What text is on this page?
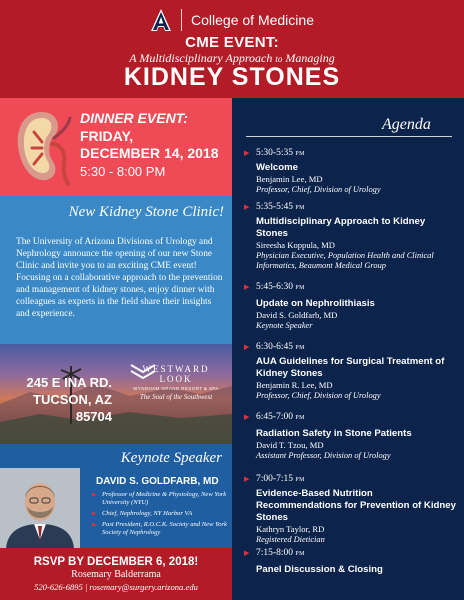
College of Medicine
CME EVENT:
A Multidisciplinary Approach to Managing
KIDNEY STONES
DINNER EVENT:
FRIDAY,
DECEMBER 14, 2018
5:30 - 8:00 PM
New Kidney Stone Clinic!

The University of Arizona Divisions of Urology and Nephrology announce the opening of our new Stone Clinic and invite you to an exciting CME event! Focusing on a collaborative approach to the prevention and management of kidney stones, enjoy dinner with colleagues as experts in the field share their insights and experience.

245 E INA RD.
TUCSON, AZ
85704
WESTWARD LOOK
WYNDHAM GRAND RESORT & SPA
The Soul of the Southwest
Keynote Speaker
DAVID S. GOLDFARB, MD
▶ Professor of Medicine & Physiology, New York University (NYU)
▶ Chief, Nephrology, NY Harbor VA
▶ Past President, R.O.C.K. Society and New York Society of Nephrology
RSVP BY DECEMBER 6, 2018!
Rosemary Balderrama
520-626-6895 | rosemary@surgery.arizona.edu
Agenda
▶ 5:30-5:35 PM
Welcome
Benjamin Lee, MD
Professor, Chief, Division of Urology
▶ 5:35-5:45 PM
Multidisciplinary Approach to Kidney Stones
Sireesha Koppula, MD
Physician Executive, Population Health and Clinical Informatics, Beaumont Medical Group
▶ 5:45-6:30 PM
Update on Nephrolithiasis
David S. Goldfarb, MD
Keynote Speaker
▶ 6:30-6:45 PM
AUA Guidelines for Surgical Treatment of Kidney Stones
Benjamin R. Lee, MD
Professor, Chief, Division of Urology
▶ 6:45-7:00 PM
Radiation Safety in Stone Patients
David T. Tzou, MD
Assistant Professor, Division of Urology
▶ 7:00-7:15 PM
Evidence-Based Nutrition Recommendations for Prevention of Kidney Stones
Kathryn Taylor, RD
Registered Dietician
▶ 7:15-8:00 PM
Panel Discussion & Closing
